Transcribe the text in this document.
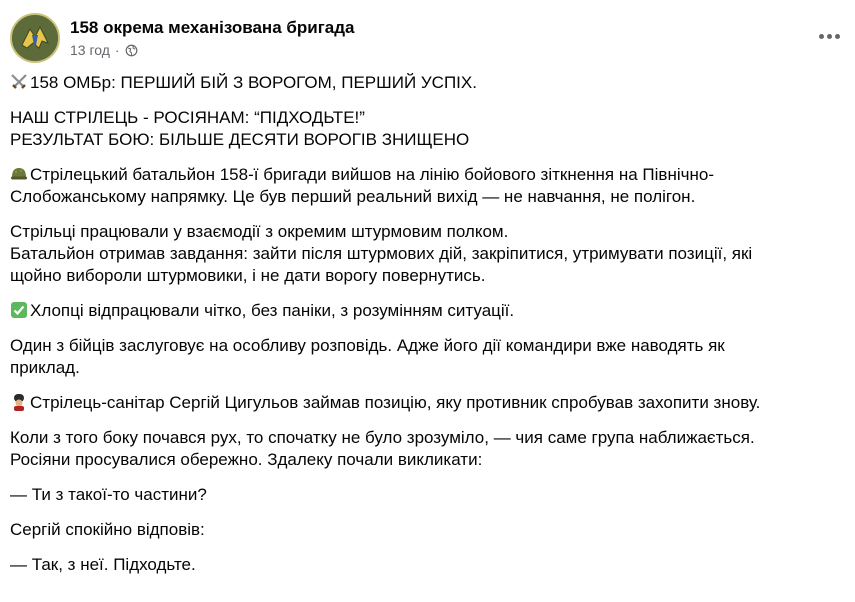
158 окрема механізована бригада
13 год ·

158 ОМБр: ПЕРШИЙ БІЙ З ВОРОГОМ, ПЕРШИЙ УСПІХ.

НАШ СТРІЛЕЦЬ - РОСІЯНАМ: “ПІДХОДЬТЕ!”
РЕЗУЛЬТАТ БОЮ: БІЛЬШЕ ДЕСЯТИ ВОРОГІВ ЗНИЩЕНО

Стрілецький батальйон 158-ї бригади вийшов на лінію бойового зіткнення на Північно-
Слобожанському напрямку. Це був перший реальний вихід — не навчання, не полігон.

Стрільці працювали у взаємодії з окремим штурмовим полком.
Батальйон отримав завдання: зайти після штурмових дій, закріпитися, утримувати позиції, які
щойно вибороли штурмовики, і не дати ворогу повернутись.

Хлопці відпрацювали чітко, без паніки, з розумінням ситуації.

Один з бійців заслуговує на особливу розповідь. Адже його дії командири вже наводять як
приклад.

Стрілець-санітар Сергій Цигульов займав позицію, яку противник спробував захопити знову.

Коли з того боку почався рух, то спочатку не було зрозуміло, — чия саме група наближається.
Росіяни просувалися обережно. Здалеку почали викликати:

— Ти з такої-то частини?

Сергій спокійно відповів:

— Так, з неї. Підходьте.
